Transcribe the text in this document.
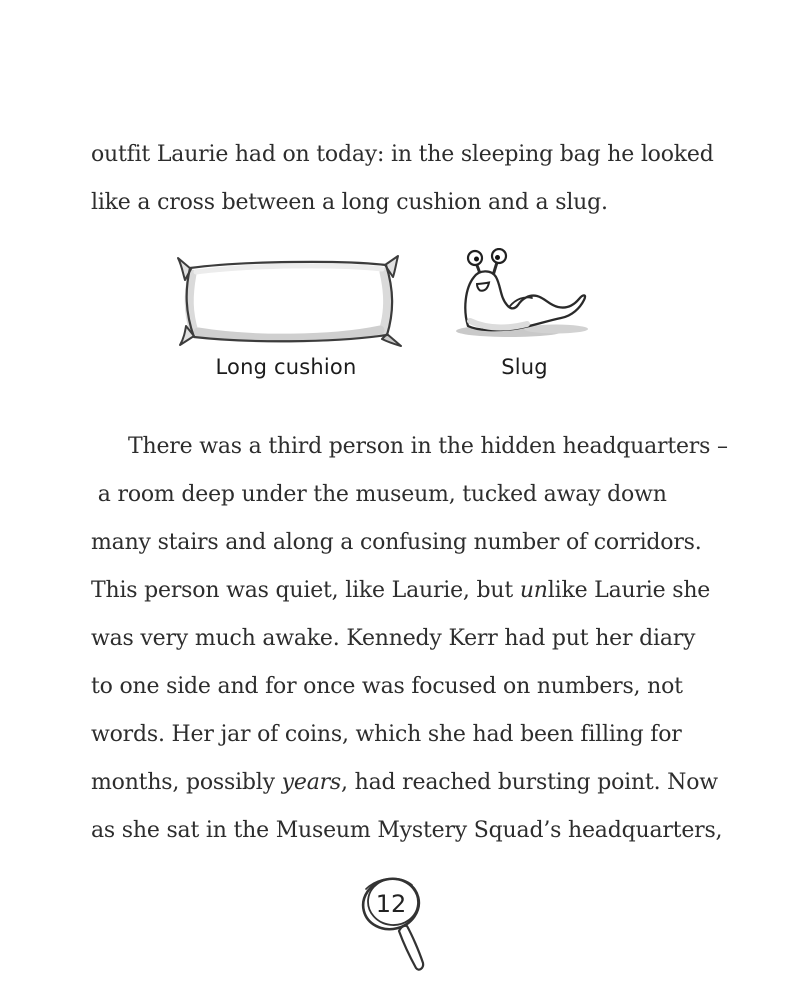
outfit Laurie had on today: in the sleeping bag he looked
like a cross between a long cushion and a slug.
Long cushion	Slug
There was a third person in the hidden headquarters –
a room deep under the museum, tucked away down
many stairs and along a confusing number of corridors.
This person was quiet, like Laurie, but unlike Laurie she
was very much awake. Kennedy Kerr had put her diary
to one side and for once was focused on numbers, not
words. Her jar of coins, which she had been filling for
months, possibly years, had reached bursting point. Now
as she sat in the Museum Mystery Squad’s headquarters,
12
